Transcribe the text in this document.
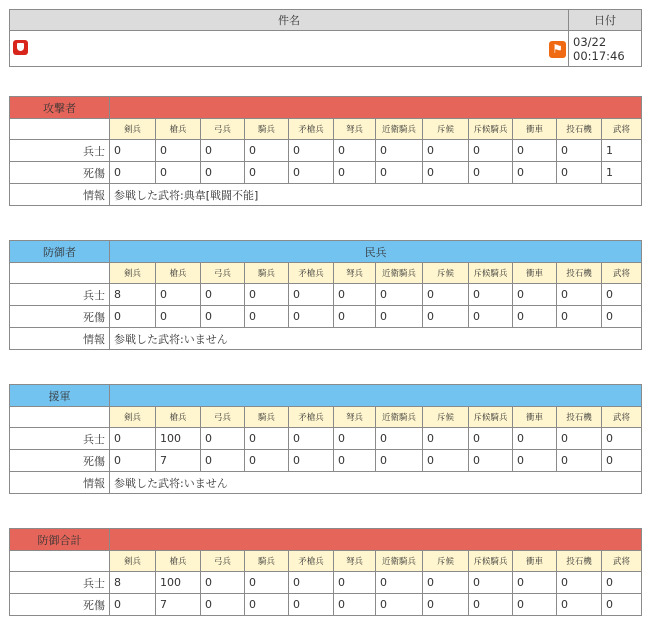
件名	日付

⚑	03/22
00:17:46
攻撃者												
	剣兵	槍兵	弓兵	騎兵	矛槍兵	弩兵	近衛騎兵	斥候	斥候騎兵	衝車	投石機	武将
兵士	0	0	0	0	0	0	0	0	0	0	0	1
死傷	0	0	0	0	0	0	0	0	0	0	0	1
情報	参戦した武将:典韋[戦闘不能]											
防御者	民兵											
	剣兵	槍兵	弓兵	騎兵	矛槍兵	弩兵	近衛騎兵	斥候	斥候騎兵	衝車	投石機	武将
兵士	8	0	0	0	0	0	0	0	0	0	0	0
死傷	0	0	0	0	0	0	0	0	0	0	0	0
情報	参戦した武将:いません											
援軍												
	剣兵	槍兵	弓兵	騎兵	矛槍兵	弩兵	近衛騎兵	斥候	斥候騎兵	衝車	投石機	武将
兵士	0	100	0	0	0	0	0	0	0	0	0	0
死傷	0	7	0	0	0	0	0	0	0	0	0	0
情報	参戦した武将:いません											
防御合計												
	剣兵	槍兵	弓兵	騎兵	矛槍兵	弩兵	近衛騎兵	斥候	斥候騎兵	衝車	投石機	武将
兵士	8	100	0	0	0	0	0	0	0	0	0	0
死傷	0	7	0	0	0	0	0	0	0	0	0	0
